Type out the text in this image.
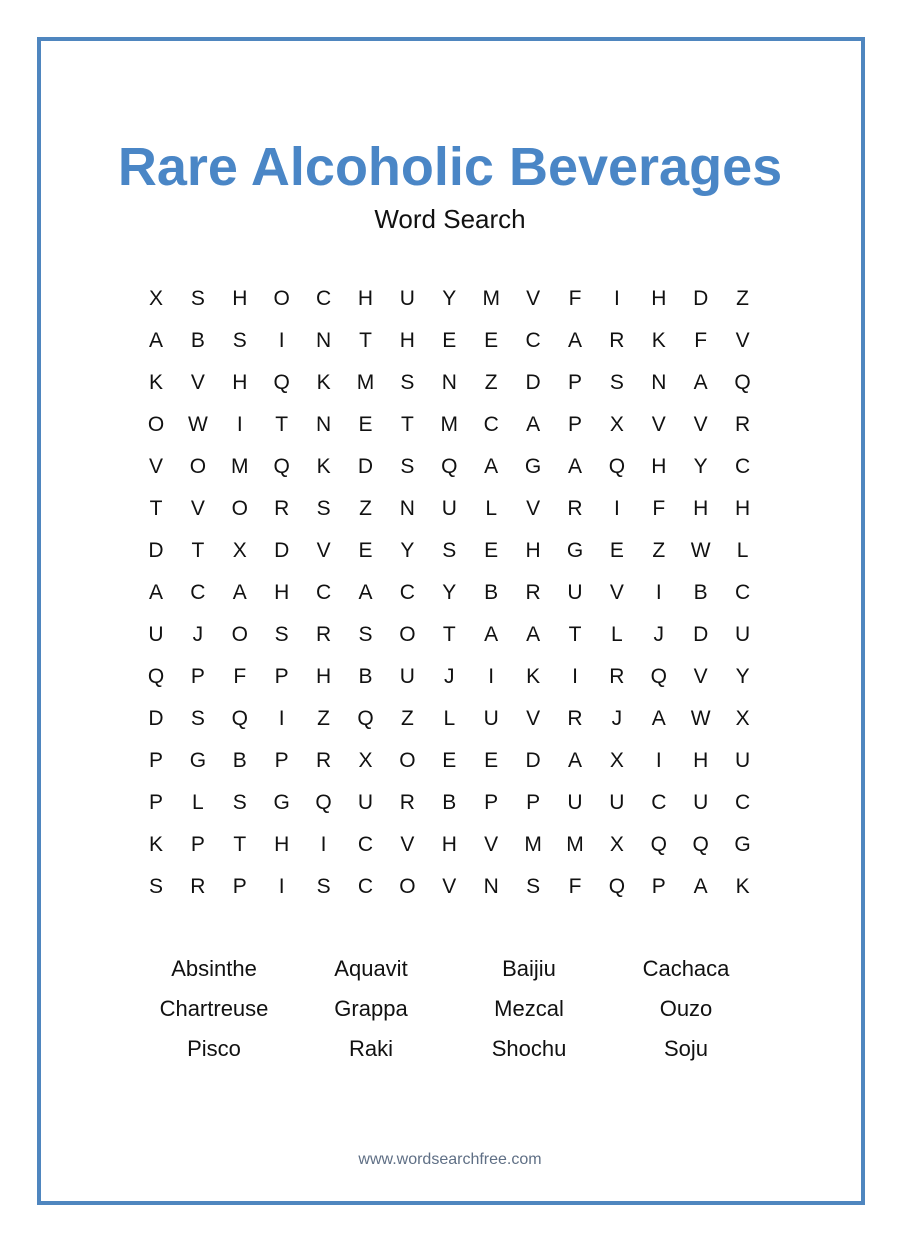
Rare Alcoholic Beverages
Word Search
X	S	H	O	C	H	U	Y	M	V	F	I	H	D	Z
A	B	S	I	N	T	H	E	E	C	A	R	K	F	V
K	V	H	Q	K	M	S	N	Z	D	P	S	N	A	Q
O	W	I	T	N	E	T	M	C	A	P	X	V	V	R
V	O	M	Q	K	D	S	Q	A	G	A	Q	H	Y	C
T	V	O	R	S	Z	N	U	L	V	R	I	F	H	H
D	T	X	D	V	E	Y	S	E	H	G	E	Z	W	L
A	C	A	H	C	A	C	Y	B	R	U	V	I	B	C
U	J	O	S	R	S	O	T	A	A	T	L	J	D	U
Q	P	F	P	H	B	U	J	I	K	I	R	Q	V	Y
D	S	Q	I	Z	Q	Z	L	U	V	R	J	A	W	X
P	G	B	P	R	X	O	E	E	D	A	X	I	H	U
P	L	S	G	Q	U	R	B	P	P	U	U	C	U	C
K	P	T	H	I	C	V	H	V	M M	X	Q	Q	G
S	R	P	I	S	C	O	V	N	S	F	Q	P	A	K
Absinthe	Aquavit	Baijiu	Cachaca
Chartreuse	Grappa	Mezcal	Ouzo
Pisco	Raki	Shochu	Soju
www.wordsearchfree.com
